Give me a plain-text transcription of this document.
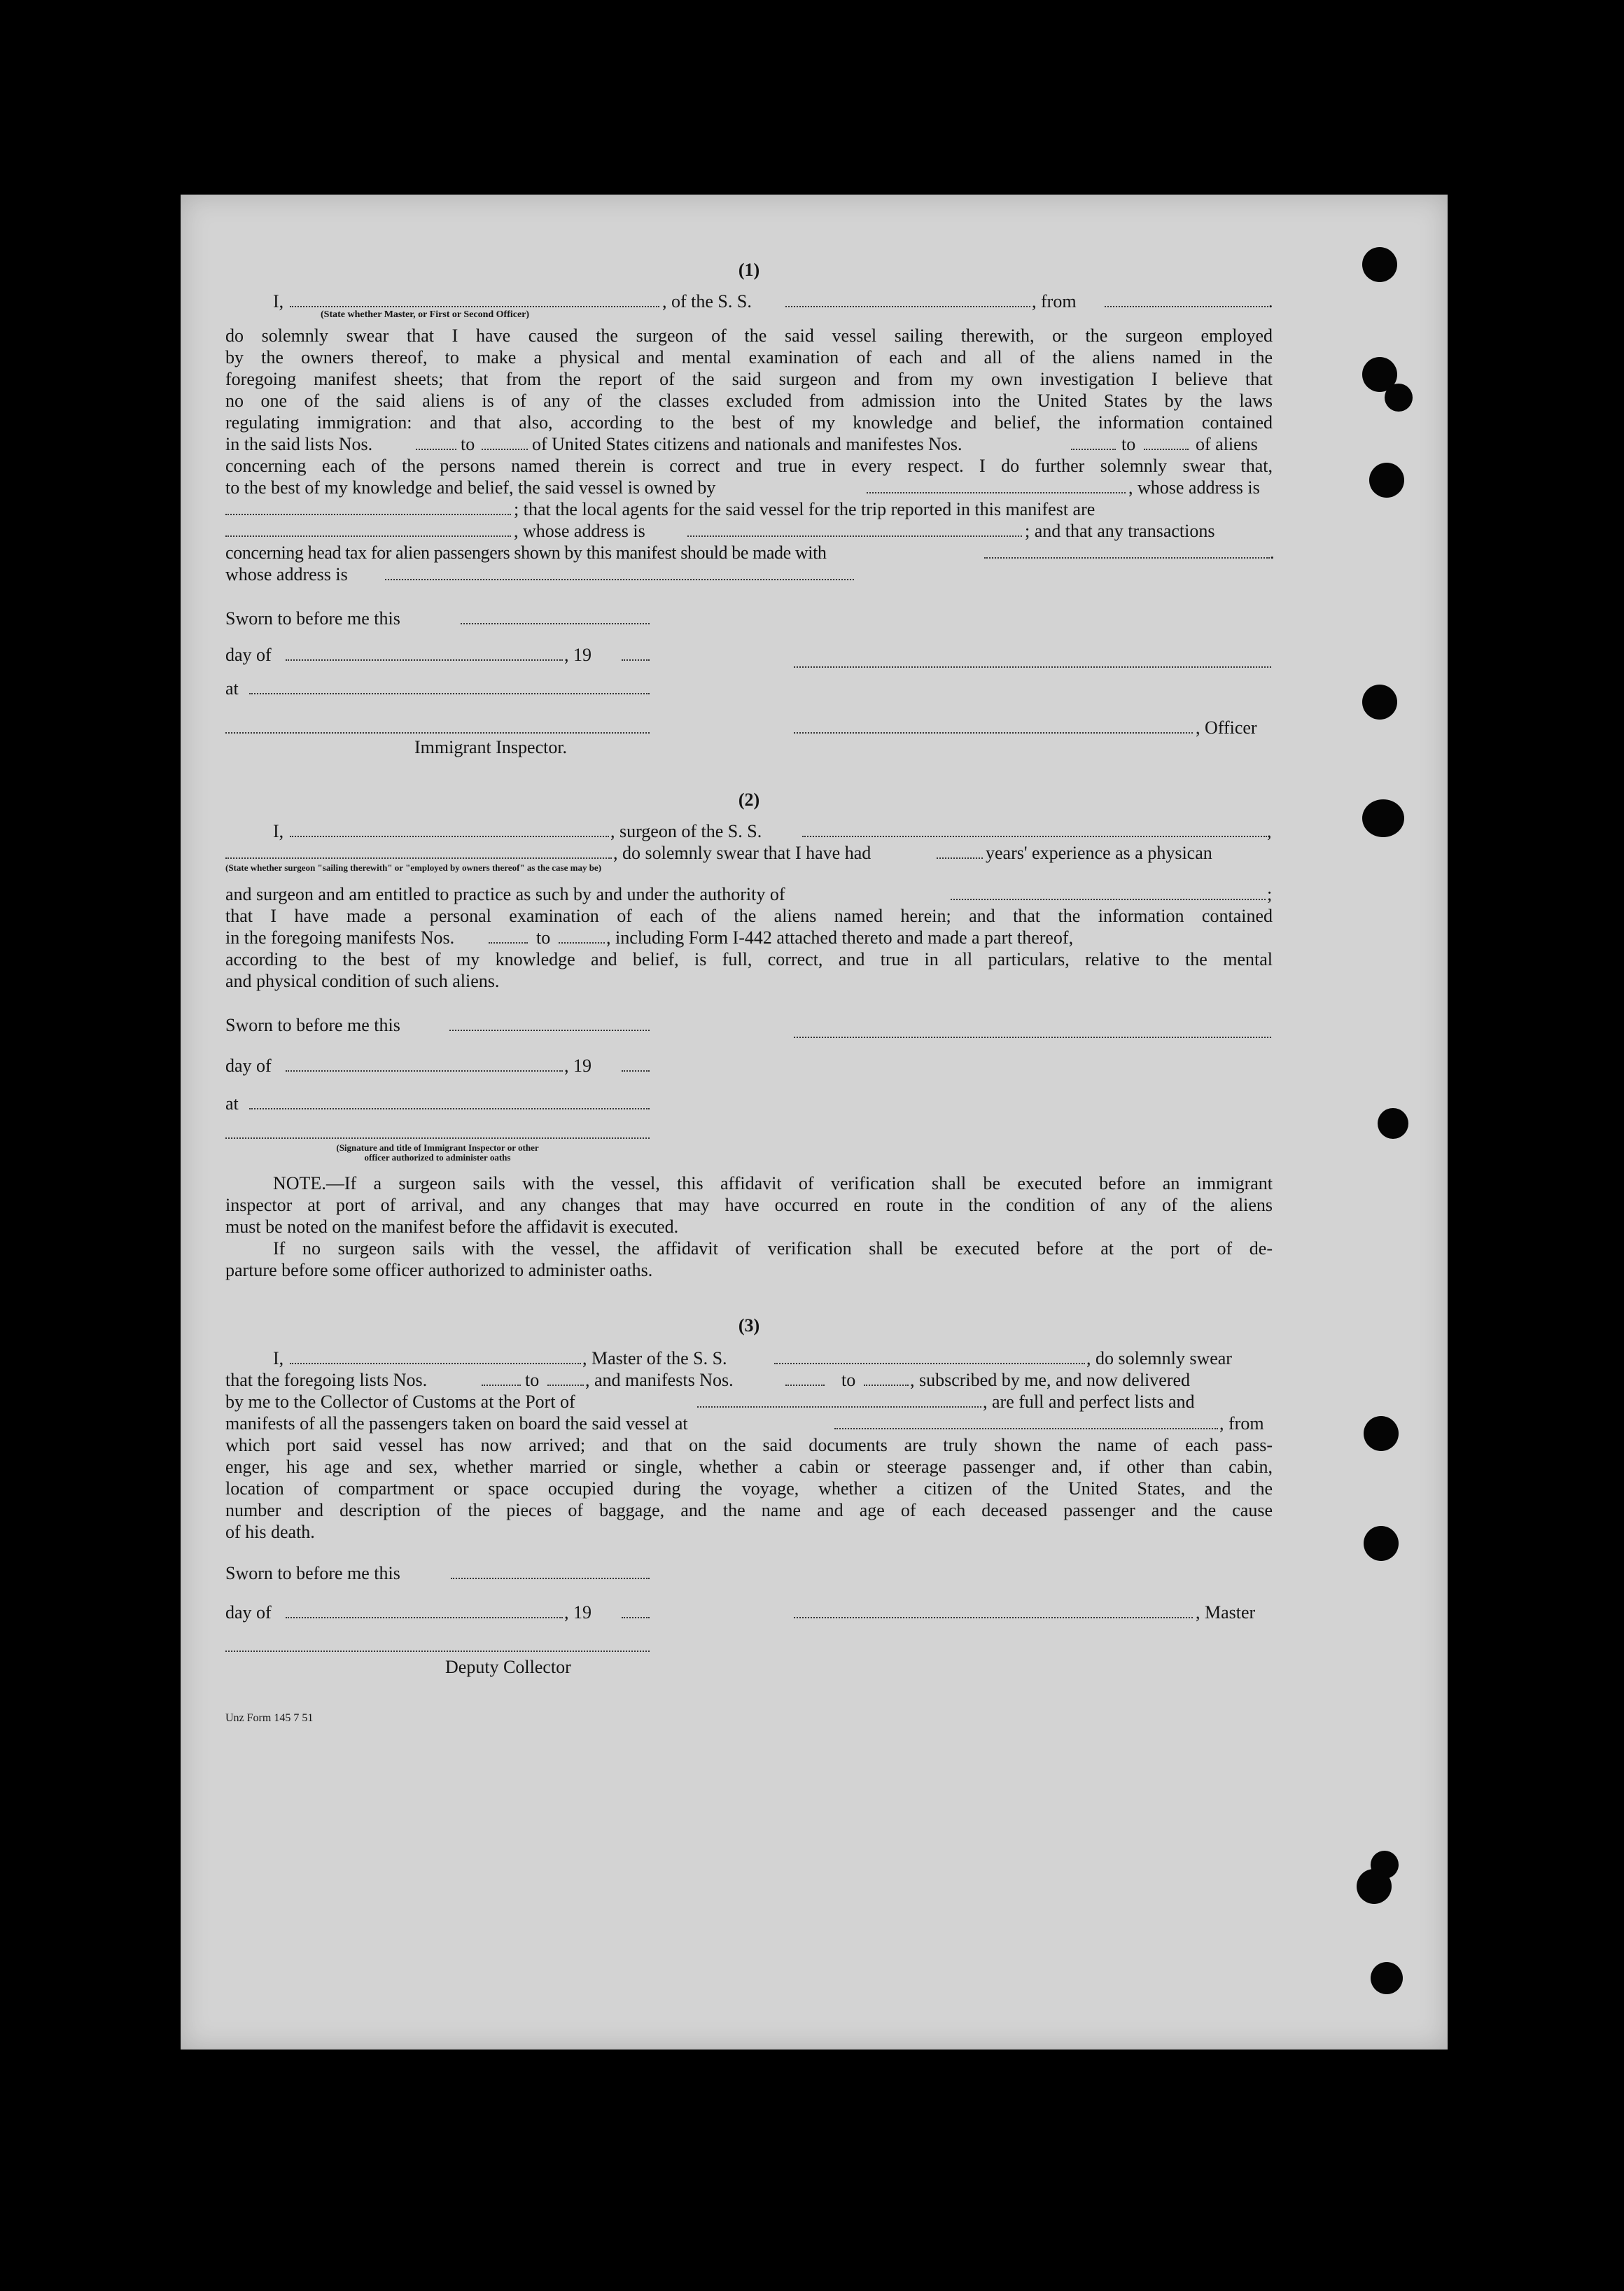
(1)

I,	, of the S. S.	, from	.
(State whether Master, or First or Second Officer)

do solemnly swear that I have caused the surgeon of the said vessel sailing therewith, or the surgeon employed

by the owners thereof, to make a physical and mental examination of each and all of the aliens named in the

foregoing manifest sheets; that from the report of the said surgeon and from my own investigation I believe that

no one of the said aliens is of any of the classes excluded from admission into the United States by the laws

regulating immigration: and that also, according to the best of my knowledge and belief, the information contained

in the said lists Nos.	to	of United States citizens and nationals and manifestes Nos.	to	of aliens

concerning each of the persons named therein is correct and true in every respect. I do further solemnly swear that,

to the best of my knowledge and belief, the said vessel is owned by	, whose address is
; that the local agents for the said vessel for the trip reported in this manifest are
, whose address is	; and that any transactions
concerning head tax for alien passengers shown by this manifest should be made with	.
whose address is
Sworn to before me this
day of	, 19
at
, Officer
Immigrant Inspector.

(2)

I,	, surgeon of the S. S.	,
, do solemnly swear that I have had	years' experience as a physican
(State whether surgeon "sailing therewith" or "employed by owners thereof" as the case may be)
and surgeon and am entitled to practice as such by and under the authority of	;

that I have made a personal examination of each of the aliens named herein; and that the information contained

in the foregoing manifests Nos.	to	, including Form I-442 attached thereto and made a part thereof,

according to the best of my knowledge and belief, is full, correct, and true in all particulars, relative to the mental

and physical condition of such aliens.

Sworn to before me this
day of	, 19
at
(Signature and title of Immigrant Inspector or other
officer authorized to administer oaths

NOTE.—If a surgeon sails with the vessel, this affidavit of verification shall be executed before an immigrant

inspector at port of arrival, and any changes that may have occurred en route in the condition of any of the aliens

must be noted on the manifest before the affidavit is executed.

If no surgeon sails with the vessel, the affidavit of verification shall be executed before at the port of de-

parture before some officer authorized to administer oaths.

(3)

I,	, Master of the S. S.	, do solemnly swear
that the foregoing lists Nos.	to	, and manifests Nos.	to	, subscribed by me, and now delivered
by me to the Collector of Customs at the Port of	, are full and perfect lists and
manifests of all the passengers taken on board the said vessel at	, from

which port said vessel has now arrived; and that on the said documents are truly shown the name of each pass-

enger, his age and sex, whether married or single, whether a cabin or steerage passenger and, if other than cabin,

location of compartment or space occupied during the voyage, whether a citizen of the United States, and the

number and description of the pieces of baggage, and the name and age of each deceased passenger and the cause

of his death.

Sworn to before me this
day of	, 19	, Master
Deputy Collector
Unz Form 145 7 51
